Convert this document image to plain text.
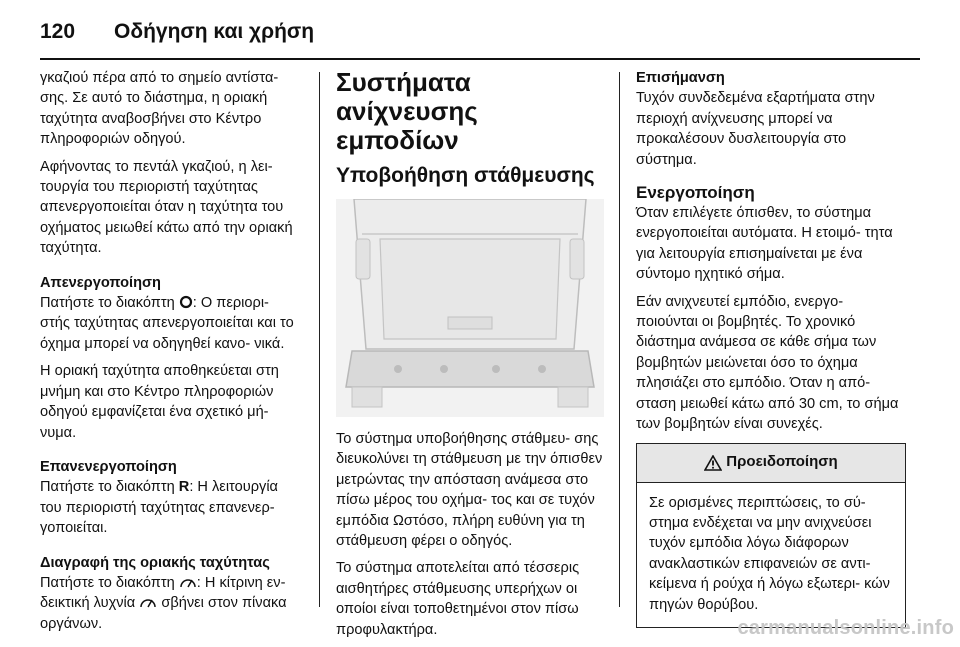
120 Οδήγηση και χρήση

γκαζιού πέρα από το σημείο αντίστα- σης. Σε αυτό το διάστημα, η οριακή ταχύτητα αναβοσβήνει στο Κέντρο πληροφοριών οδηγού.

Αφήνοντας το πεντάλ γκαζιού, η λει- τουργία του περιοριστή ταχύτητας απενεργοποιείται όταν η ταχύτητα του οχήματος μειωθεί κάτω από την οριακή ταχύτητα.

Απενεργοποίηση

Πατήστε το διακόπτη : Ο περιορι- στής ταχύτητας απενεργοποιείται και το όχημα μπορεί να οδηγηθεί κανο- νικά.

Η οριακή ταχύτητα αποθηκεύεται στη μνήμη και στο Κέντρο πληροφοριών οδηγού εμφανίζεται ένα σχετικό μή- νυμα.

Επανενεργοποίηση

Πατήστε το διακόπτη R: Η λειτουργία του περιοριστή ταχύτητας επανενερ- γοποιείται.

Διαγραφή της οριακής ταχύτητας

Πατήστε το διακόπτη : Η κίτρινη εν- δεικτική λυχνία  σβήνει στον πίνακα οργάνων.

Συστήματα ανίχνευσης εμποδίων
Υποβοήθηση στάθμευσης

Το σύστημα υποβοήθησης στάθμευ- σης διευκολύνει τη στάθμευση με την όπισθεν μετρώντας την απόσταση ανάμεσα στο πίσω μέρος του οχήμα- τος και σε τυχόν εμπόδια Ωστόσο, πλήρη ευθύνη για τη στάθμευση φέρει ο οδηγός.

Το σύστημα αποτελείται από τέσσερις αισθητήρες στάθμευσης υπερήχων οι οποίοι είναι τοποθετημένοι στον πίσω προφυλακτήρα.

Επισήμανση

Τυχόν συνδεδεμένα εξαρτήματα στην περιοχή ανίχνευσης μπορεί να προκαλέσουν δυσλειτουργία στο σύστημα.

Ενεργοποίηση

Όταν επιλέγετε όπισθεν, το σύστημα ενεργοποιείται αυτόματα. Η ετοιμό- τητα για λειτουργία επισημαίνεται με ένα σύντομο ηχητικό σήμα.

Εάν ανιχνευτεί εμπόδιο, ενεργο- ποιούνται οι βομβητές. Το χρονικό διάστημα ανάμεσα σε κάθε σήμα των βομβητών μειώνεται όσο το όχημα πλησιάζει στο εμπόδιο. Όταν η από- σταση μειωθεί κάτω από 30 cm, το σήμα των βομβητών είναι συνεχές.

Προειδοποίηση
Σε ορισμένες περιπτώσεις, το σύ- στημα ενδέχεται να μην ανιχνεύσει τυχόν εμπόδια λόγω διάφορων ανακλαστικών επιφανειών σε αντι- κείμενα ή ρούχα ή λόγω εξωτερι- κών πηγών θορύβου.
carmanualsonline.info
